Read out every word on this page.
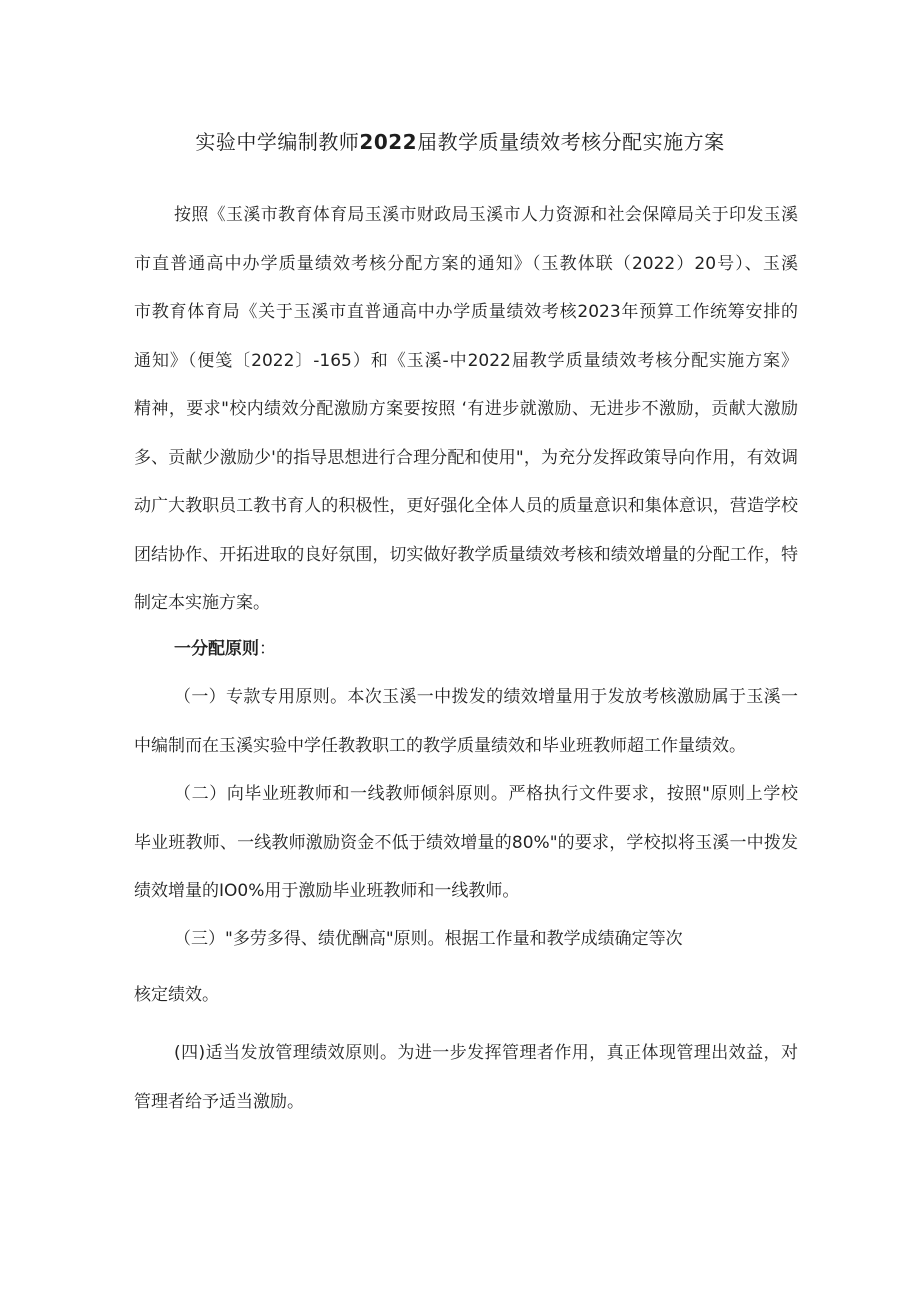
实验中学编制教师2022届教学质量绩效考核分配实施方案
按照《玉溪市教育体育局玉溪市财政局玉溪市人力资源和社会保障局关于印发玉溪
市直普通高中办学质量绩效考核分配方案的通知》（玉教体联（2022）20号）、玉溪
市教育体育局《关于玉溪市直普通高中办学质量绩效考核2023年预算工作统筹安排的
通知》（便笺〔2022〕-165）和《玉溪-中2022届教学质量绩效考核分配实施方案》
精神，要求"校内绩效分配激励方案要按照 ‘有进步就激励、无进步不激励，贡献大激励
多、贡献少激励少'的指导思想进行合理分配和使用"，为充分发挥政策导向作用，有效调
动广大教职员工教书育人的积极性，更好强化全体人员的质量意识和集体意识，营造学校
团结协作、开拓进取的良好氛围，切实做好教学质量绩效考核和绩效增量的分配工作，特
制定本实施方案。

一分配原则：

（一）专款专用原则。本次玉溪一中拨发的绩效增量用于发放考核激励属于玉溪一
中编制而在玉溪实验中学任教教职工的教学质量绩效和毕业班教师超工作量绩效。
（二）向毕业班教师和一线教师倾斜原则。严格执行文件要求，按照"原则上学校
毕业班教师、一线教师激励资金不低于绩效增量的80%"的要求，学校拟将玉溪一中拨发
绩效增量的IO0%用于激励毕业班教师和一线教师。

（三）"多劳多得、绩优酬高"原则。根据工作量和教学成绩确定等次

核定绩效。

(四)适当发放管理绩效原则。为进一步发挥管理者作用，真正体现管理出效益，对
管理者给予适当激励。
